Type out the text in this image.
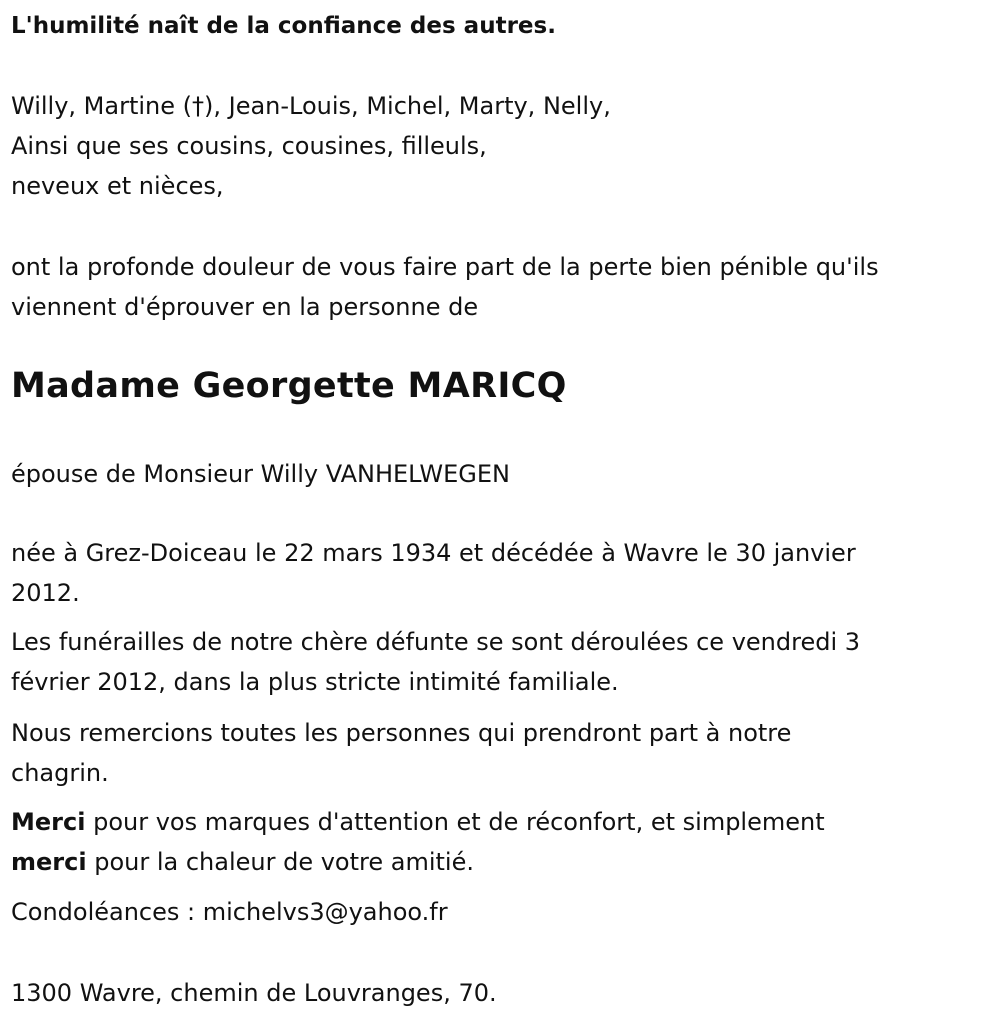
L'humilité naît de la confiance des autres.

Willy, Martine (†), Jean-Louis, Michel, Marty, Nelly,

Ainsi que ses cousins, cousines, filleuls,

neveux et nièces,

ont la profonde douleur de vous faire part de la perte bien pénible qu'ils

viennent d'éprouver en la personne de

Madame Georgette MARICQ

épouse de Monsieur Willy VANHELWEGEN

née à Grez-Doiceau le 22 mars 1934 et décédée à Wavre le 30 janvier

2012.

Les funérailles de notre chère défunte se sont déroulées ce vendredi 3

février 2012, dans la plus stricte intimité familiale.

Nous remercions toutes les personnes qui prendront part à notre

chagrin.

Merci pour vos marques d'attention et de réconfort, et simplement

merci pour la chaleur de votre amitié.

Condoléances : michelvs3@yahoo.fr

1300 Wavre, chemin de Louvranges, 70.
